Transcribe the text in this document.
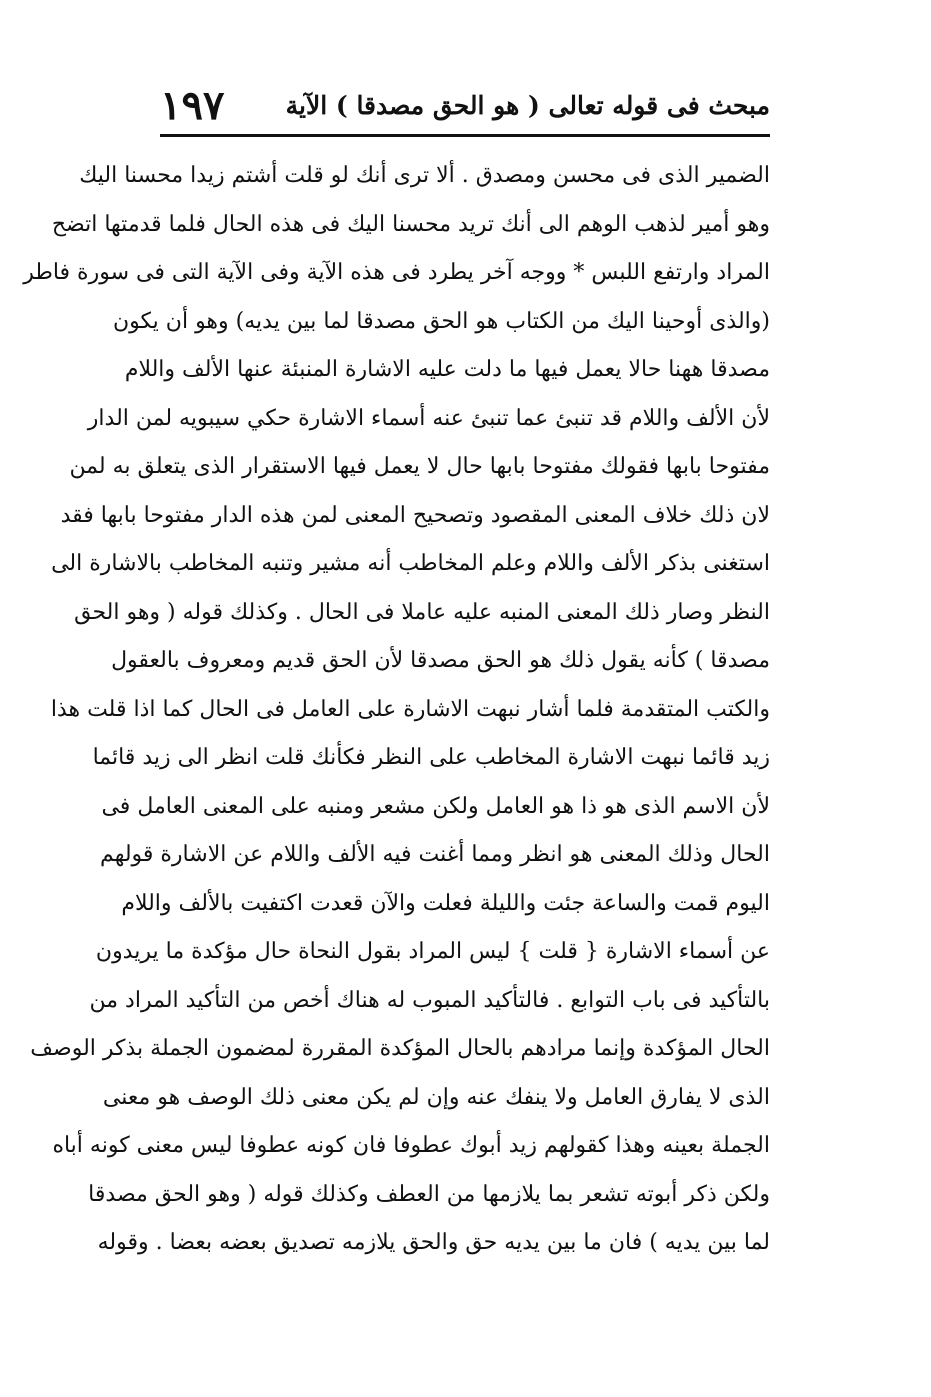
مبحث فى قوله تعالى ( هو الحق مصدقا ) الآية
١٩٧
الضمير الذى فى محسن ومصدق . ألا ترى أنك لو قلت أشتم زيدا محسنا اليك
وهو أمير لذهب الوهم الى أنك تريد محسنا اليك فى هذه الحال فلما قدمتها اتضح
المراد وارتفع اللبس * ووجه آخر يطرد فى هذه الآية وفى الآية التى فى سورة فاطر
(والذى أوحينا اليك من الكتاب هو الحق مصدقا لما بين يديه) وهو أن يكون
مصدقا ههنا حالا يعمل فيها ما دلت عليه الاشارة المنبئة عنها الألف واللام
لأن الألف واللام قد تنبئ عما تنبئ عنه أسماء الاشارة حكي سيبويه لمن الدار
مفتوحا بابها فقولك مفتوحا بابها حال لا يعمل فيها الاستقرار الذى يتعلق به لمن
لان ذلك خلاف المعنى المقصود وتصحيح المعنى لمن هذه الدار مفتوحا بابها فقد
استغنى بذكر الألف واللام وعلم المخاطب أنه مشير وتنبه المخاطب بالاشارة الى
النظر وصار ذلك المعنى المنبه عليه عاملا فى الحال . وكذلك قوله ( وهو الحق
مصدقا ) كأنه يقول ذلك هو الحق مصدقا لأن الحق قديم ومعروف بالعقول
والكتب المتقدمة فلما أشار نبهت الاشارة على العامل فى الحال كما اذا قلت هذا
زيد قائما نبهت الاشارة المخاطب على النظر فكأنك قلت انظر الى زيد قائما
لأن الاسم الذى هو ذا هو العامل ولكن مشعر ومنبه على المعنى العامل فى
الحال وذلك المعنى هو انظر ومما أغنت فيه الألف واللام عن الاشارة قولهم
اليوم قمت والساعة جئت والليلة فعلت والآن قعدت اكتفيت بالألف واللام
عن أسماء الاشارة { قلت } ليس المراد بقول النحاة حال مؤكدة ما يريدون
بالتأكيد فى باب التوابع . فالتأكيد المبوب له هناك أخص من التأكيد المراد من
الحال المؤكدة وإنما مرادهم بالحال المؤكدة المقررة لمضمون الجملة بذكر الوصف
الذى لا يفارق العامل ولا ينفك عنه وإن لم يكن معنى ذلك الوصف هو معنى
الجملة بعينه وهذا كقولهم زيد أبوك عطوفا فان كونه عطوفا ليس معنى كونه أباه
ولكن ذكر أبوته تشعر بما يلازمها من العطف وكذلك قوله ( وهو الحق مصدقا
لما بين يديه ) فان ما بين يديه حق والحق يلازمه تصديق بعضه بعضا . وقوله
